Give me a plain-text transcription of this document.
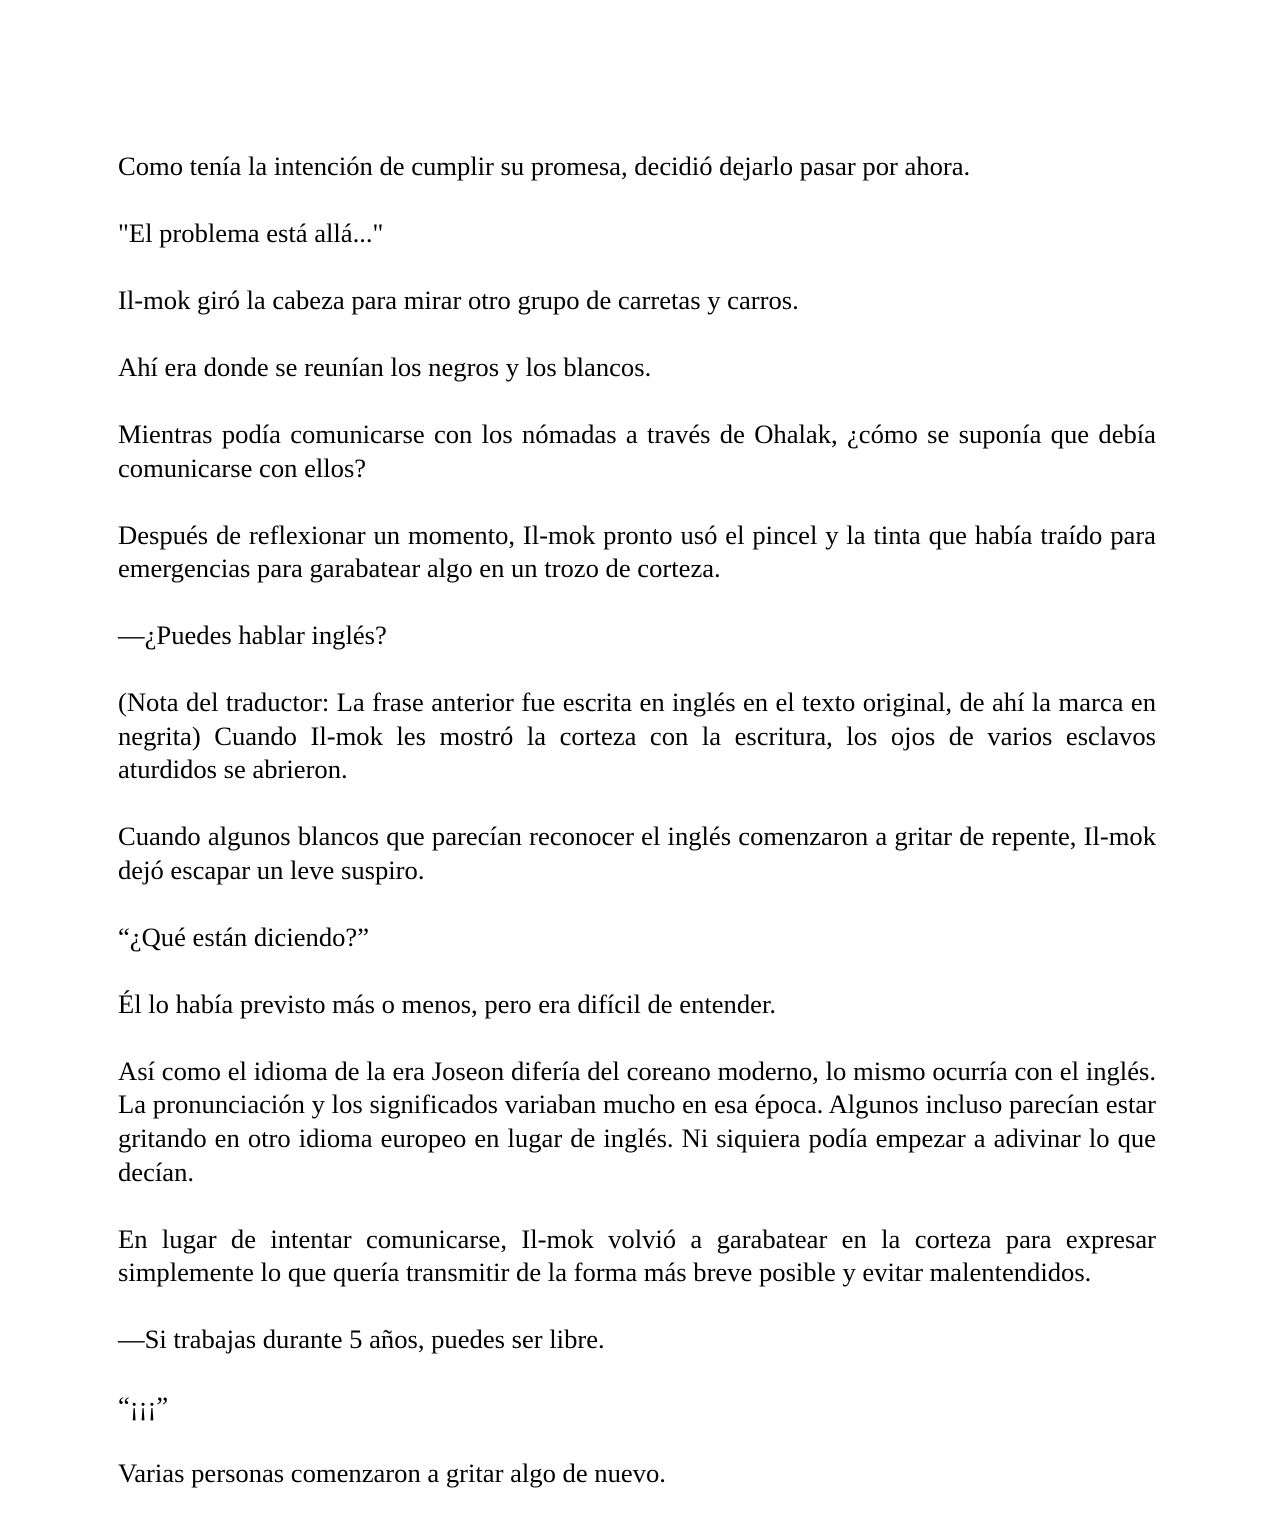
Como tenía la intención de cumplir su promesa, decidió dejarlo pasar por ahora.

"El problema está allá..."

Il-mok giró la cabeza para mirar otro grupo de carretas y carros.

Ahí era donde se reunían los negros y los blancos.

Mientras podía comunicarse con los nómadas a través de Ohalak, ¿cómo se suponía que debía comunicarse con ellos?

Después de reflexionar un momento, Il-mok pronto usó el pincel y la tinta que había traído para emergencias para garabatear algo en un trozo de corteza.

—¿Puedes hablar inglés?

(Nota del traductor: La frase anterior fue escrita en inglés en el texto original, de ahí la marca en negrita) Cuando Il-mok les mostró la corteza con la escritura, los ojos de varios esclavos aturdidos se abrieron.

Cuando algunos blancos que parecían reconocer el inglés comenzaron a gritar de repente, Il-mok dejó escapar un leve suspiro.

“¿Qué están diciendo?”

Él lo había previsto más o menos, pero era difícil de entender.

Así como el idioma de la era Joseon difería del coreano moderno, lo mismo ocurría con el inglés. La pronunciación y los significados variaban mucho en esa época. Algunos incluso parecían estar gritando en otro idioma europeo en lugar de inglés. Ni siquiera podía empezar a adivinar lo que decían.

En lugar de intentar comunicarse, Il-mok volvió a garabatear en la corteza para expresar simplemente lo que quería transmitir de la forma más breve posible y evitar malentendidos.

—Si trabajas durante 5 años, puedes ser libre.

“¡¡¡”

Varias personas comenzaron a gritar algo de nuevo.
